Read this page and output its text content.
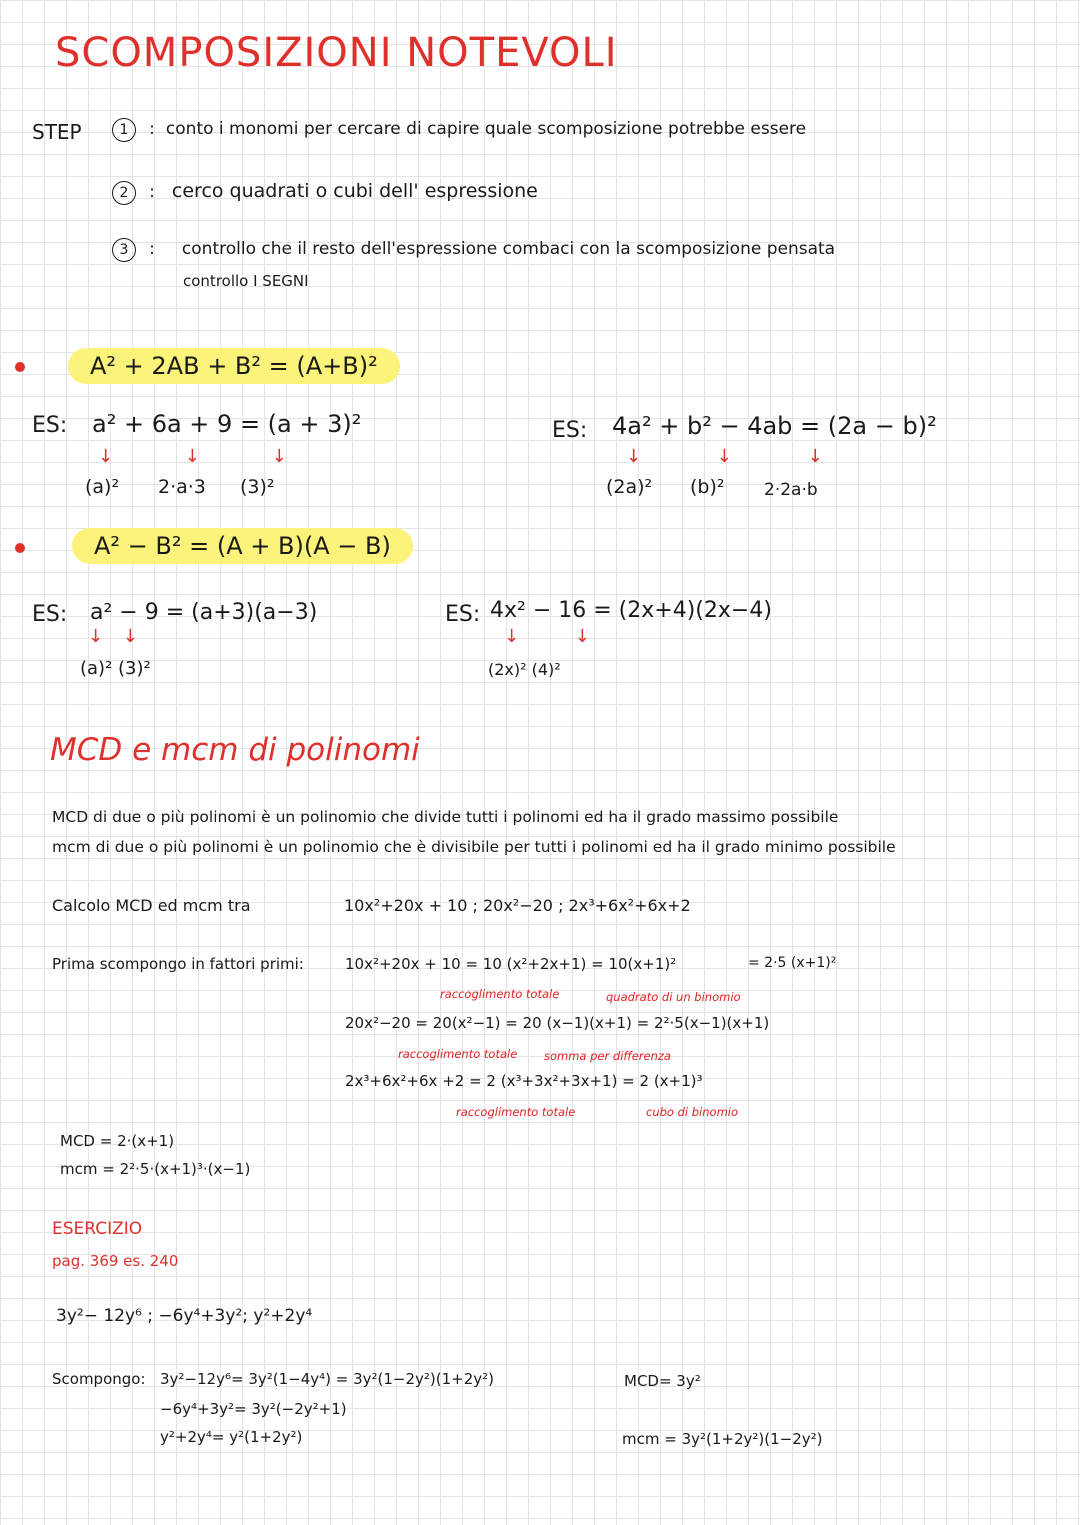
SCOMPOSIZIONI NOTEVOLI
STEP	1 : conto i monomi per cercare di capire quale scomposizione potrebbe essere
2 : cerco quadrati o cubi dell' espressione
3 : controllo che il resto dell'espressione combaci con la scomposizione pensata
controllo I SEGNI
A² + 2AB + B² = (A+B)²
ES: a² + 6a + 9 = (a + 3)²
↓ ↓ ↓
(a)² 2·a·3 (3)²
ES: 4a² + b² − 4ab = (2a − b)²
↓ ↓ ↓
(2a)² (b)² 2·2a·b
A² − B² = (A + B)(A − B)
ES: a² − 9 = (a+3)(a−3)
↓ ↓
(a)² (3)²
ES: 4x² − 16 = (2x+4)(2x−4)
↓ ↓
(2x)² (4)²
MCD e mcm di polinomi
MCD di due o più polinomi è un polinomio che divide tutti i polinomi ed ha il grado massimo possibile
mcm di due o più polinomi è un polinomio che è divisibile per tutti i polinomi ed ha il grado minimo possibile
Calcolo MCD ed mcm tra	10x²+20x + 10 ; 20x²−20 ; 2x³+6x²+6x+2
Prima scompongo in fattori primi:	10x²+20x + 10 = 10 (x²+2x+1) = 10(x+1)²	= 2·5 (x+1)²
raccoglimento totale	quadrato di un binomio
20x²−20 = 20(x²−1) = 20 (x−1)(x+1) = 2²·5(x−1)(x+1)
raccoglimento totale somma per differenza
2x³+6x²+6x +2 = 2 (x³+3x²+3x+1) = 2 (x+1)³
raccoglimento totale	cubo di binomio
MCD = 2·(x+1)
mcm = 2²·5·(x+1)³·(x−1)
ESERCIZIO
pag. 369 es. 240
3y²− 12y⁶ ; −6y⁴+3y²; y²+2y⁴
Scompongo: 3y²−12y⁶= 3y²(1−4y⁴) = 3y²(1−2y²)(1+2y²)
−6y⁴+3y²= 3y²(−2y²+1)
y²+2y⁴= y²(1+2y²)
MCD= 3y²
mcm = 3y²(1+2y²)(1−2y²)
